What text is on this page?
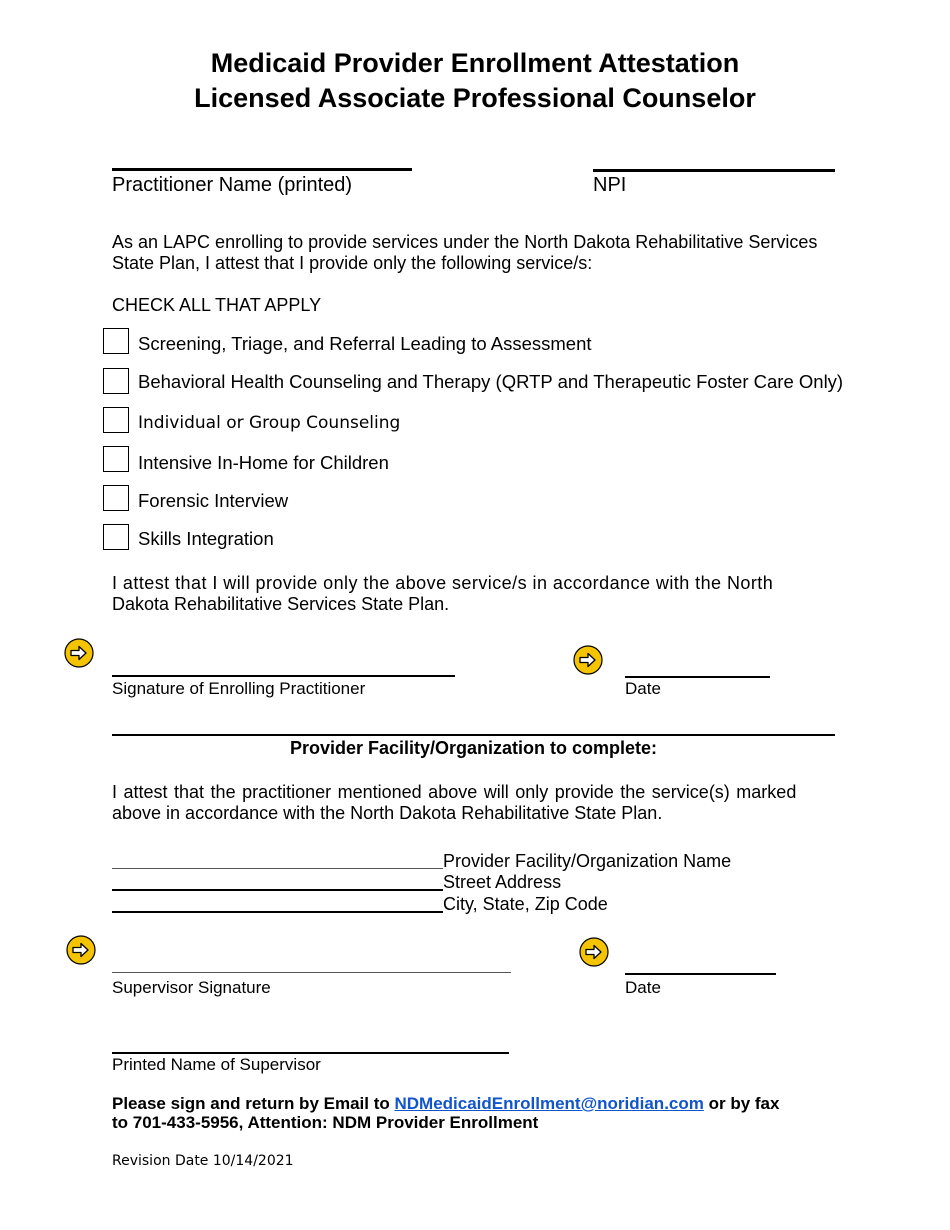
Medicaid Provider Enrollment Attestation
Licensed Associate Professional Counselor
Practitioner Name (printed)	NPI
As an LAPC enrolling to provide services under the North Dakota Rehabilitative Services
State Plan, I attest that I provide only the following service/s:
CHECK ALL THAT APPLY
Screening, Triage, and Referral Leading to Assessment
Behavioral Health Counseling and Therapy (QRTP and Therapeutic Foster Care Only)
Individual or Group Counseling
Intensive In-Home for Children
Forensic Interview
Skills Integration
I attest that I will provide only the above service/s in accordance with the North
Dakota Rehabilitative Services State Plan.
Signature of Enrolling Practitioner	Date
Provider Facility/Organization to complete:
I attest that the practitioner mentioned above will only provide the service(s) marked
above in accordance with the North Dakota Rehabilitative State Plan.
Provider Facility/Organization Name
Street Address
City, State, Zip Code
Supervisor Signature	Date
Printed Name of Supervisor
Please sign and return by Email to NDMedicaidEnrollment@noridian.com or by fax
to 701-433-5956, Attention: NDM Provider Enrollment
Revision Date 10/14/2021
